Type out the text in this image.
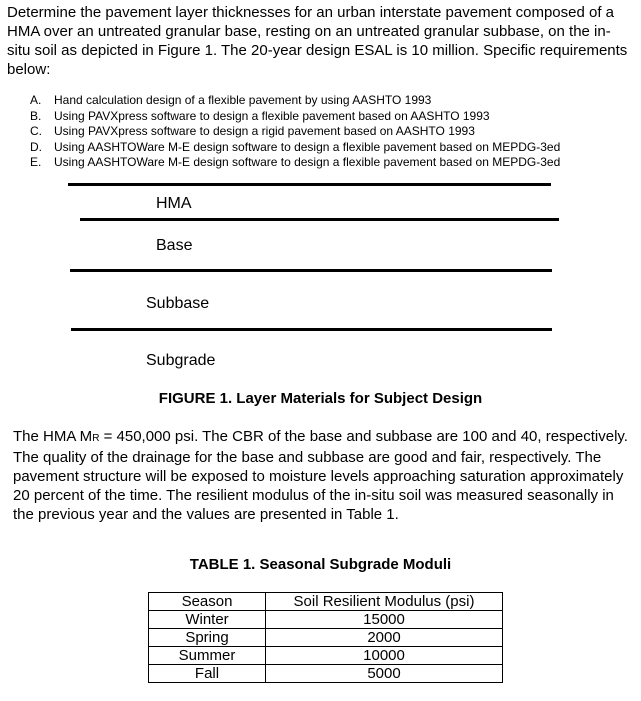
Determine the pavement layer thicknesses for an urban interstate pavement composed of a HMA over an untreated granular base, resting on an untreated granular subbase, on the in-situ soil as depicted in Figure 1. The 20-year design ESAL is 10 million. Specific requirements below:

A. Hand calculation design of a flexible pavement by using AASHTO 1993
B. Using PAVXpress software to design a flexible pavement based on AASHTO 1993
C. Using PAVXpress software to design a rigid pavement based on AASHTO 1993
D. Using AASHTOWare M-E design software to design a flexible pavement based on MEPDG-3ed
E. Using AASHTOWare M-E design software to design a flexible pavement based on MEPDG-3ed
HMA
Base
Subbase
Subgrade
FIGURE 1. Layer Materials for Subject Design

The HMA MR = 450,000 psi. The CBR of the base and subbase are 100 and 40, respectively. The quality of the drainage for the base and subbase are good and fair, respectively. The pavement structure will be exposed to moisture levels approaching saturation approximately 20 percent of the time. The resilient modulus of the in-situ soil was measured seasonally in the previous year and the values are presented in Table 1.

TABLE 1. Seasonal Subgrade Moduli
Season	Soil Resilient Modulus (psi)
Winter	15000
Spring	2000
Summer	10000
Fall	5000
